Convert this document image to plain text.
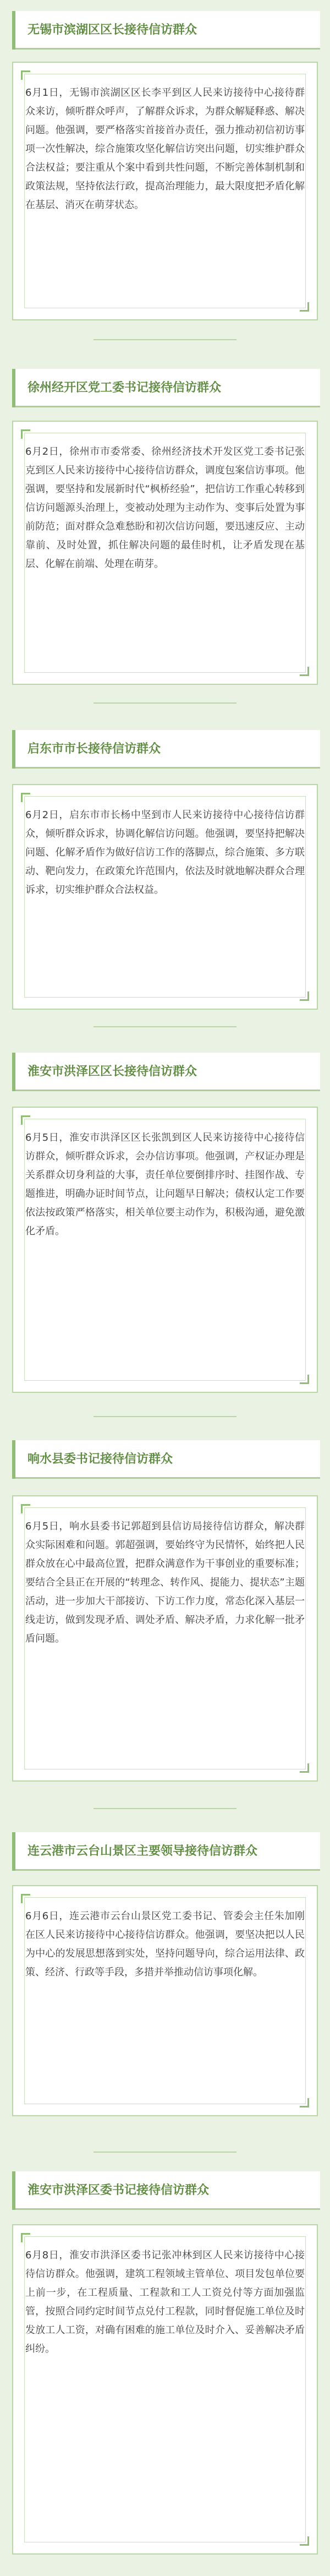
无锡市滨湖区区长接待信访群众
6月1日，无锡市滨湖区区长李平到区人民来访接待中心接待群众来访，倾听群众呼声，了解群众诉求，为群众解疑释惑、解决问题。他强调，要严格落实首接首办责任，强力推动初信初访事项一次性解决，综合施策攻坚化解信访突出问题，切实维护群众合法权益；要注重从个案中看到共性问题，不断完善体制机制和政策法规，坚持依法行政，提高治理能力，最大限度把矛盾化解在基层、消灭在萌芽状态。
徐州经开区党工委书记接待信访群众
6月2日，徐州市市委常委、徐州经济技术开发区党工委书记张克到区人民来访接待中心接待信访群众，调度包案信访事项。他强调，要坚持和发展新时代“枫桥经验”，把信访工作重心转移到信访问题源头治理上，变被动处理为主动作为、变事后处置为事前防范；面对群众急难愁盼和初次信访问题，要迅速反应、主动靠前、及时处置，抓住解决问题的最佳时机，让矛盾发现在基层、化解在前端、处理在萌芽。
启东市市长接待信访群众
6月2日，启东市市长杨中坚到市人民来访接待中心接待信访群众，倾听群众诉求，协调化解信访问题。他强调，要坚持把解决问题、化解矛盾作为做好信访工作的落脚点，综合施策、多方联动、靶向发力，在政策允许范围内，依法及时就地解决群众合理诉求，切实维护群众合法权益。
淮安市洪泽区区长接待信访群众
6月5日，淮安市洪泽区区长张凯到区人民来访接待中心接待信访群众，倾听群众诉求，会办信访事项。他强调，产权证办理是关系群众切身利益的大事，责任单位要倒排序时、挂图作战、专题推进，明确办证时间节点，让问题早日解决；债权认定工作要依法按政策严格落实，相关单位要主动作为，积极沟通，避免激化矛盾。
响水县委书记接待信访群众
6月5日，响水县委书记郭超到县信访局接待信访群众，解决群众实际困难和问题。郭超强调，要始终守为民情怀，始终把人民群众放在心中最高位置，把群众满意作为干事创业的重要标准；要结合全县正在开展的“转理念、转作风、提能力、提状态”主题活动，进一步加大干部接访、下访工作力度，常态化深入基层一线走访，做到发现矛盾、调处矛盾、解决矛盾，力求化解一批矛盾问题。
连云港市云台山景区主要领导接待信访群众
6月6日，连云港市云台山景区党工委书记、管委会主任朱加刚在区人民来访接待中心接待信访群众。他强调，要坚决把以人民为中心的发展思想落到实处，坚持问题导向，综合运用法律、政策、经济、行政等手段，多措并举推动信访事项化解。
淮安市洪泽区委书记接待信访群众
6月8日，淮安市洪泽区委书记张冲林到区人民来访接待中心接待信访群众。他强调，建筑工程领域主管单位、项目发包单位要上前一步，在工程质量、工程款和工人工资兑付等方面加强监管，按照合同约定时间节点兑付工程款，同时督促施工单位及时发放工人工资，对确有困难的施工单位及时介入、妥善解决矛盾纠纷。
